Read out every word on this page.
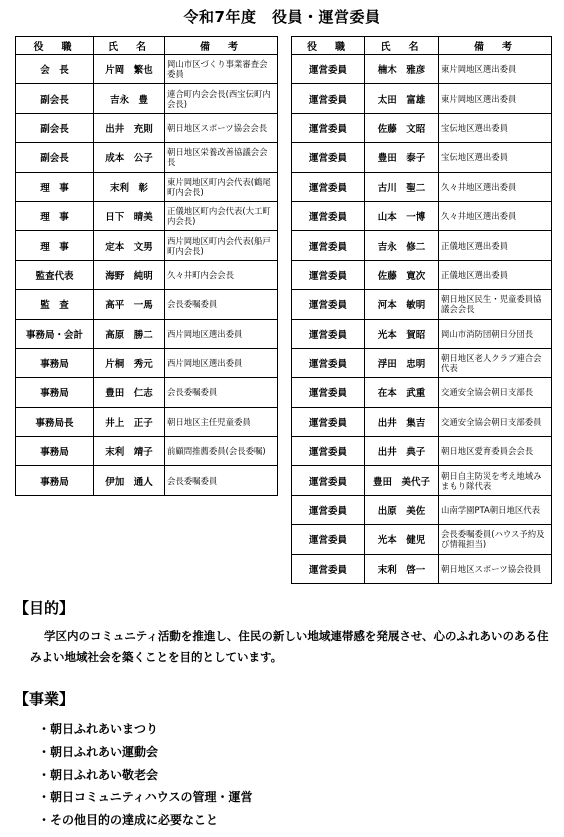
令和7年度　役員・運営委員
役　職	氏　名	備　考
会　長	片岡　繁也	岡山市区づくり事業審査会委員
副会長	吉永　豊	連合町内会会長(西宝伝町内会長)
副会長	出井　充則	朝日地区スポーツ協会会長
副会長	成本　公子	朝日地区栄養改善協議会会長
理　事	末利　彰	東片岡地区町内会代表(鶴尾町内会長)
理　事	日下　晴美	正儀地区町内会代表(大工町内会長)
理　事	定本　文男	西片岡地区町内会代表(船戸町内会長)
監査代表	海野　純明	久々井町内会会長
監　査	高平　一馬	会長委嘱委員
事務局・会計	高原　勝二	西片岡地区選出委員
事務局	片桐　秀元	西片岡地区選出委員
事務局	豊田　仁志	会長委嘱委員
事務局長	井上　正子	朝日地区主任児童委員
事務局	末利　靖子	前顧問推薦委員(会長委嘱)
事務局	伊加　通人	会長委嘱委員
役　職	氏　名	備　考
運営委員	楠木　雅彦	東片岡地区選出委員
運営委員	太田　富雄	東片岡地区選出委員
運営委員	佐藤　文昭	宝伝地区選出委員
運営委員	豊田　泰子	宝伝地区選出委員
運営委員	古川　聖二	久々井地区選出委員
運営委員	山本　一博	久々井地区選出委員
運営委員	吉永　修二	正儀地区選出委員
運営委員	佐藤　寛次	正儀地区選出委員
運営委員	河本　敏明	朝日地区民生・児童委員協議会会長
運営委員	光本　賀昭	岡山市消防団朝日分団長
運営委員	浮田　忠明	朝日地区老人クラブ連合会代表
運営委員	在本　武重	交通安全協会朝日支部長
運営委員	出井　集吉	交通安全協会朝日支部委員
運営委員	出井　典子	朝日地区愛育委員会会長
運営委員	豊田　美代子	朝日自主防災を考え地域みまもり隊代表
運営委員	出原　美佐	山南学園PTA朝日地区代表
運営委員	光本　健児	会長委嘱委員(ハウス予約及び情報担当)
運営委員	末利　啓一	朝日地区スポーツ協会役員
【目的】
学区内のコミュニティ活動を推進し、住民の新しい地域連帯感を発展させ、心のふれあいのある住みよい地域社会を築くことを目的としています。
【事業】
・朝日ふれあいまつり
・朝日ふれあい運動会
・朝日ふれあい敬老会
・朝日コミュニティハウスの管理・運営
・その他目的の達成に必要なこと
